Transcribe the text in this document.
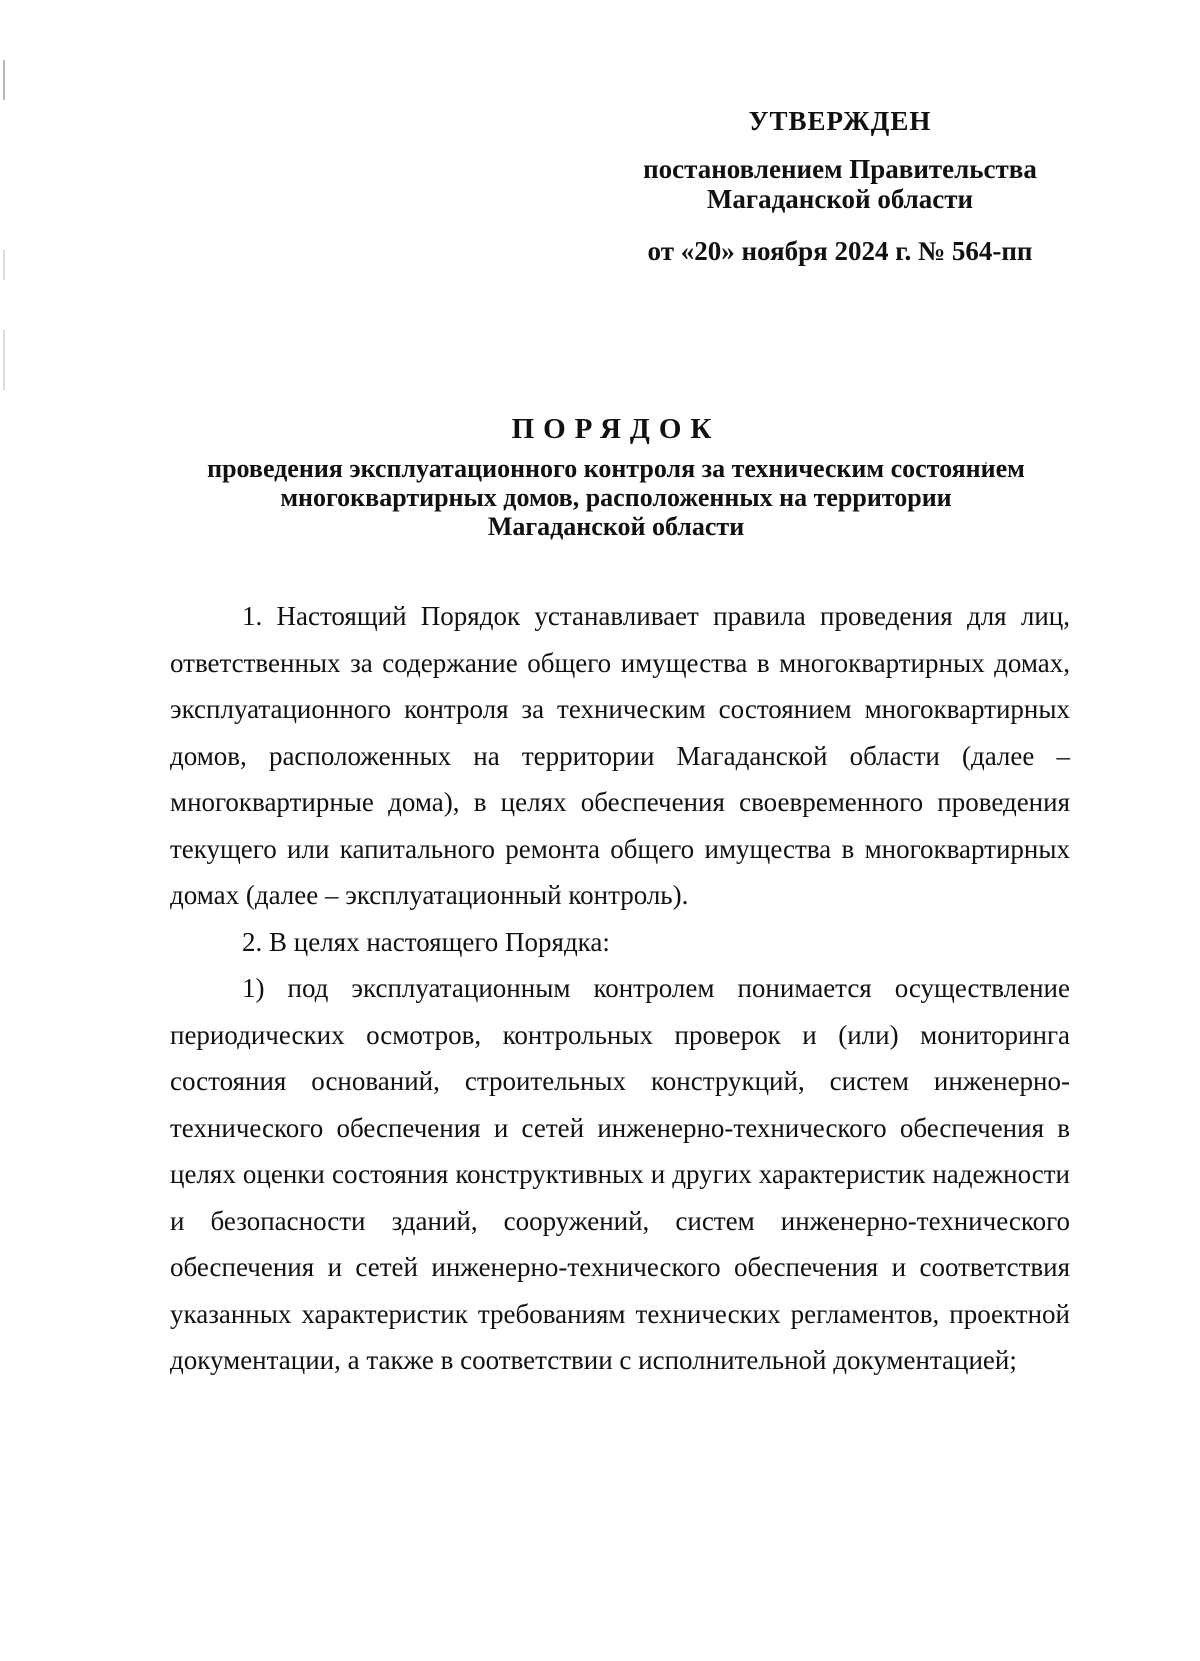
УТВЕРЖДЕН
постановлением Правительства
Магаданской области
от «20» ноября 2024 г. № 564-пп
ПОРЯДОК
проведения эксплуатационного контроля за техническим состоянием
многоквартирных домов, расположенных на территории
Магаданской области

1. Настоящий Порядок устанавливает правила проведения для лиц, ответственных за содержание общего имущества в многоквартирных домах, эксплуатационного контроля за техническим состоянием многоквартирных домов, расположенных на территории Магаданской области (далее – многоквартирные дома), в целях обеспечения своевременного проведения текущего или капитального ремонта общего имущества в многоквартирных домах (далее – эксплуатационный контроль).

2. В целях настоящего Порядка:

1) под эксплуатационным контролем понимается осуществление периодических осмотров, контрольных проверок и (или) мониторинга состояния оснований, строительных конструкций, систем инженерно-технического обеспечения и сетей инженерно-технического обеспечения в целях оценки состояния конструктивных и других характеристик надежности и безопасности зданий, сооружений, систем инженерно-технического обеспечения и сетей инженерно-технического обеспечения и соответствия указанных характеристик требованиям технических регламентов, проектной документации, а также в соответствии с исполнительной документацией;
